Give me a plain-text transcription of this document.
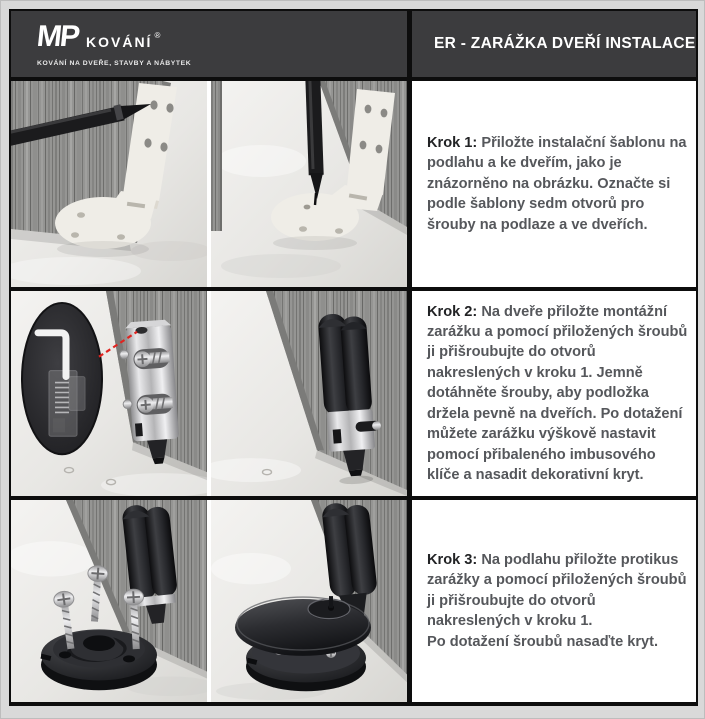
MP KOVÁNÍ ®
KOVÁNÍ NA DVEŘE, STAVBY A NÁBYTEK
ER - ZARÁŽKA DVEŘÍ INSTALACE
Krok 1: Přiložte instalační šablonu na podlahu a ke dveřím, jako je znázorněno na obrázku. Označte si podle šablony sedm otvorů pro šrouby na podlaze a ve dveřích.
Krok 2: Na dveře přiložte montážní zarážku a pomocí přiložených šroubů ji přišroubujte do otvorů nakreslených v kroku 1. Jemně dotáhněte šrouby, aby podložka držela pevně na dveřích. Po dotažení můžete zarážku výškově nastavit pomocí přibaleného imbusového klíče a nasadit dekorativní kryt.
Krok 3: Na podlahu přiložte protikus zarážky a pomocí přiložených šroubů ji přišroubujte do otvorů nakreslených v kroku 1.
Po dotažení šroubů nasaďte kryt.
